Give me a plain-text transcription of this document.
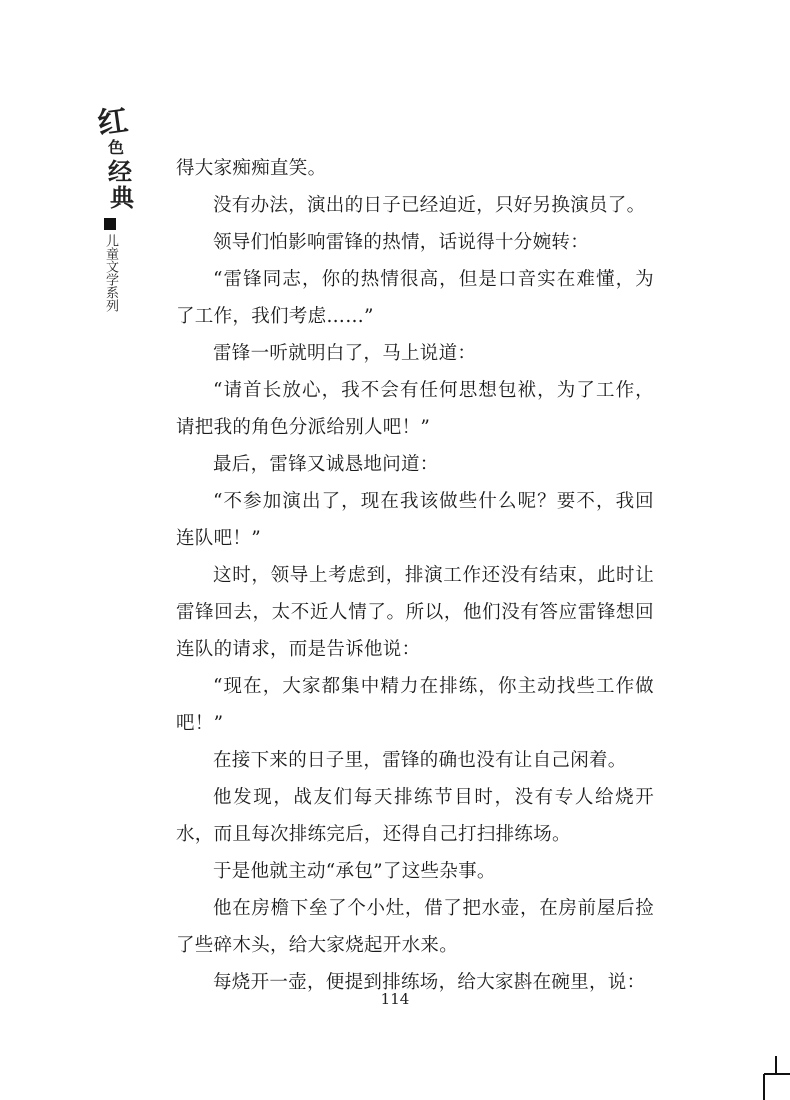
红
色
经
典
儿童文学系列

得大家痴痴直笑。

没有办法，演出的日子已经迫近，只好另换演员了。

领导们怕影响雷锋的热情，话说得十分婉转：

“雷锋同志，你的热情很高，但是口音实在难懂，为了工作，我们考虑……”

雷锋一听就明白了，马上说道：

“请首长放心，我不会有任何思想包袱，为了工作，请把我的角色分派给别人吧！”

最后，雷锋又诚恳地问道：

“不参加演出了，现在我该做些什么呢？要不，我回连队吧！”

这时，领导上考虑到，排演工作还没有结束，此时让雷锋回去，太不近人情了。所以，他们没有答应雷锋想回连队的请求，而是告诉他说：

“现在，大家都集中精力在排练，你主动找些工作做吧！”

在接下来的日子里，雷锋的确也没有让自己闲着。

他发现，战友们每天排练节目时，没有专人给烧开水，而且每次排练完后，还得自己打扫排练场。

于是他就主动“承包”了这些杂事。

他在房檐下垒了个小灶，借了把水壶，在房前屋后捡了些碎木头，给大家烧起开水来。

每烧开一壶，便提到排练场，给大家斟在碗里，说：

114
